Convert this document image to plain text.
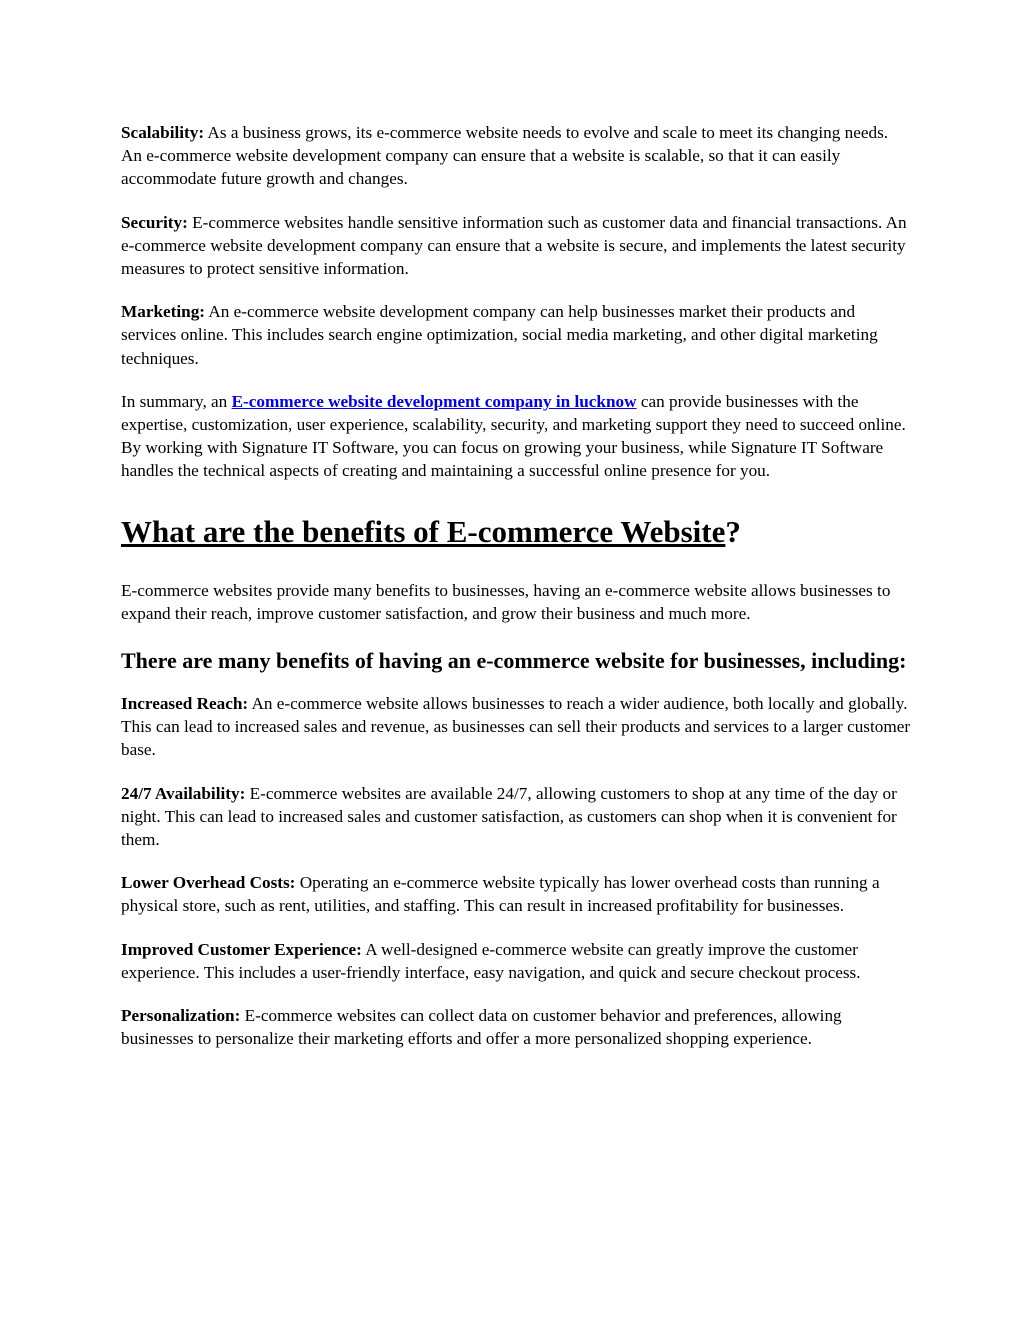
Scalability: As a business grows, its e-commerce website needs to evolve and scale to meet its changing needs. An e-commerce website development company can ensure that a website is scalable, so that it can easily accommodate future growth and changes.

Security: E-commerce websites handle sensitive information such as customer data and financial transactions. An e-commerce website development company can ensure that a website is secure, and implements the latest security measures to protect sensitive information.

Marketing: An e-commerce website development company can help businesses market their products and services online. This includes search engine optimization, social media marketing, and other digital marketing techniques.

In summary, an E-commerce website development company in lucknow can provide businesses with the expertise, customization, user experience, scalability, security, and marketing support they need to succeed online. By working with Signature IT Software, you can focus on growing your business, while Signature IT Software handles the technical aspects of creating and maintaining a successful online presence for you.

What are the benefits of E-commerce Website?

E-commerce websites provide many benefits to businesses, having an e-commerce website allows businesses to expand their reach, improve customer satisfaction, and grow their business and much more.

There are many benefits of having an e-commerce website for businesses, including:

Increased Reach: An e-commerce website allows businesses to reach a wider audience, both locally and globally. This can lead to increased sales and revenue, as businesses can sell their products and services to a larger customer base.

24/7 Availability: E-commerce websites are available 24/7, allowing customers to shop at any time of the day or night. This can lead to increased sales and customer satisfaction, as customers can shop when it is convenient for them.

Lower Overhead Costs: Operating an e-commerce website typically has lower overhead costs than running a physical store, such as rent, utilities, and staffing. This can result in increased profitability for businesses.

Improved Customer Experience: A well-designed e-commerce website can greatly improve the customer experience. This includes a user-friendly interface, easy navigation, and quick and secure checkout process.

Personalization: E-commerce websites can collect data on customer behavior and preferences, allowing businesses to personalize their marketing efforts and offer a more personalized shopping experience.
